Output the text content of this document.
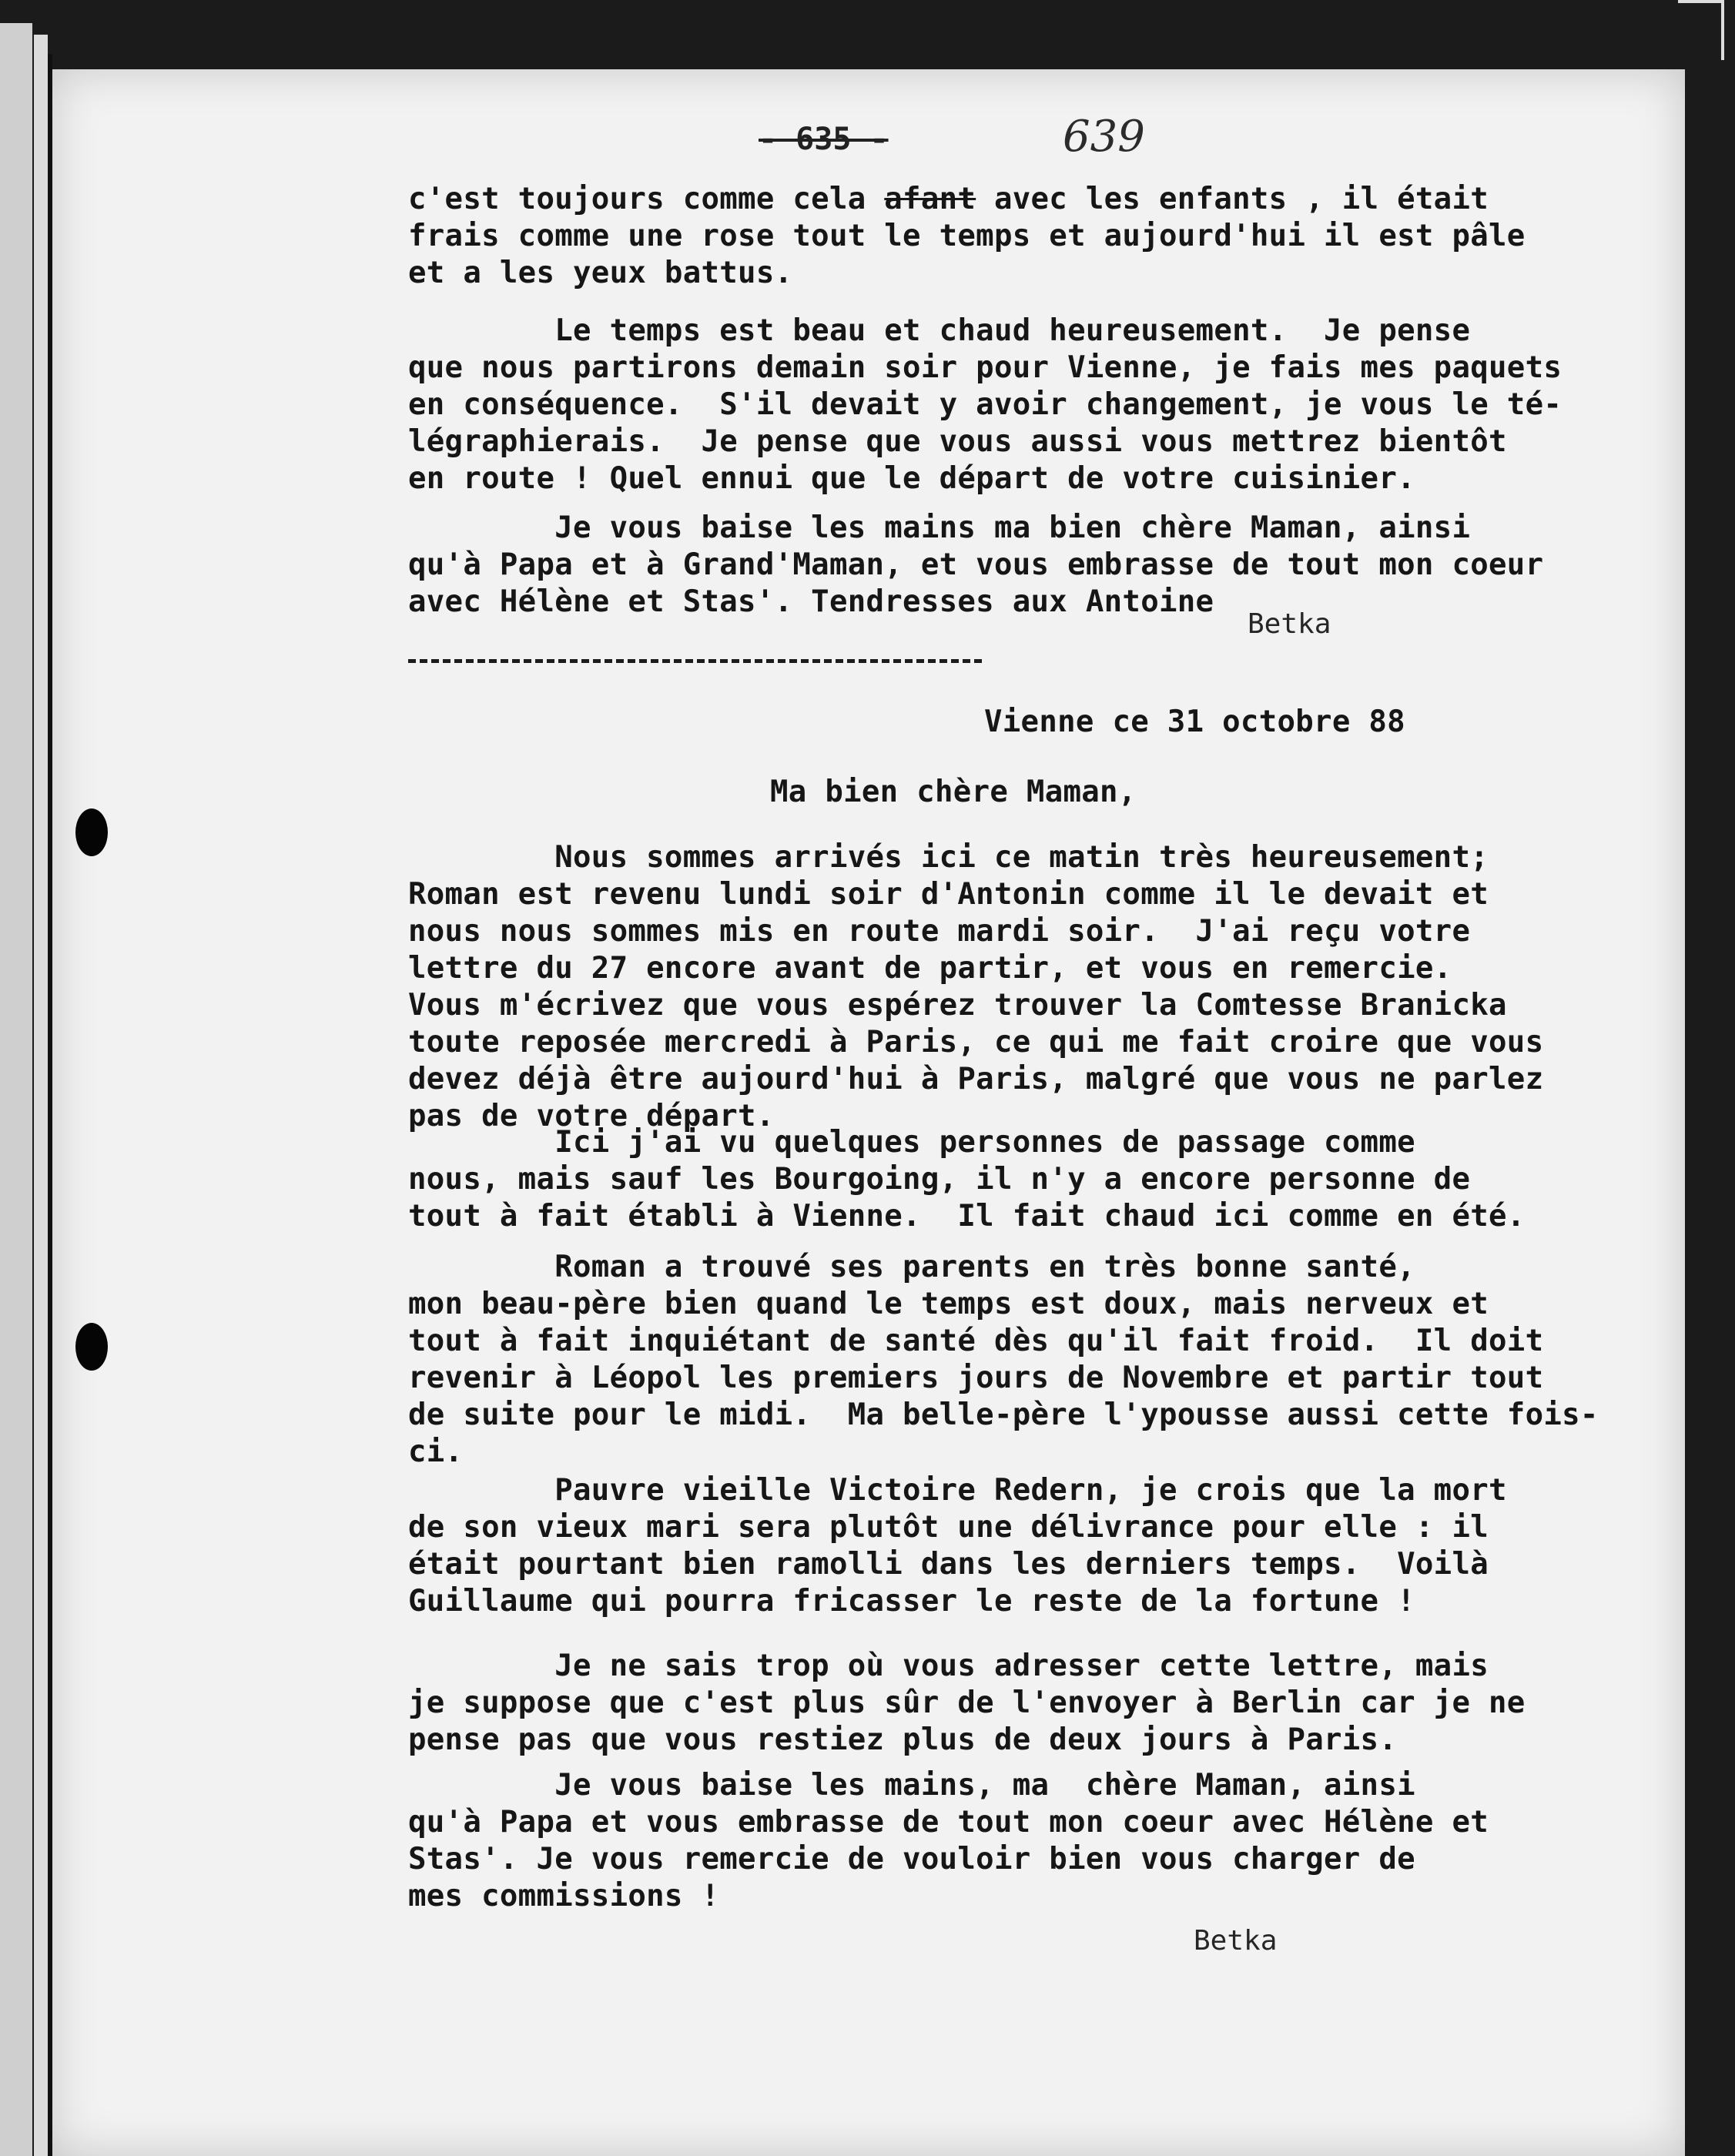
- 635 -	639
c'est toujours comme cela afant avec les enfants , il était
frais comme une rose tout le temps et aujourd'hui il est pâle
et a les yeux battus.
Le temps est beau et chaud heureusement.  Je pense
que nous partirons demain soir pour Vienne, je fais mes paquets
en conséquence.  S'il devait y avoir changement, je vous le té-
légraphierais.  Je pense que vous aussi vous mettrez bientôt
en route ! Quel ennui que le départ de votre cuisinier.
Je vous baise les mains ma bien chère Maman, ainsi
qu'à Papa et à Grand'Maman, et vous embrasse de tout mon coeur
avec Hélène et Stas'. Tendresses aux Antoine
Betka
Vienne ce 31 octobre 88
Ma bien chère Maman,
Nous sommes arrivés ici ce matin très heureusement;
Roman est revenu lundi soir d'Antonin comme il le devait et
nous nous sommes mis en route mardi soir.  J'ai reçu votre
lettre du 27 encore avant de partir, et vous en remercie.
Vous m'écrivez que vous espérez trouver la Comtesse Branicka
toute reposée mercredi à Paris, ce qui me fait croire que vous
devez déjà être aujourd'hui à Paris, malgré que vous ne parlez
pas de votre départ.
Ici j'ai vu quelques personnes de passage comme
nous, mais sauf les Bourgoing, il n'y a encore personne de
tout à fait établi à Vienne.  Il fait chaud ici comme en été.
Roman a trouvé ses parents en très bonne santé,
mon beau-père bien quand le temps est doux, mais nerveux et
tout à fait inquiétant de santé dès qu'il fait froid.  Il doit
revenir à Léopol les premiers jours de Novembre et partir tout
de suite pour le midi.  Ma belle-père l'ypousse aussi cette fois-
ci.
Pauvre vieille Victoire Redern, je crois que la mort
de son vieux mari sera plutôt une délivrance pour elle : il
était pourtant bien ramolli dans les derniers temps.  Voilà
Guillaume qui pourra fricasser le reste de la fortune !
Je ne sais trop où vous adresser cette lettre, mais
je suppose que c'est plus sûr de l'envoyer à Berlin car je ne
pense pas que vous restiez plus de deux jours à Paris.
Je vous baise les mains, ma  chère Maman, ainsi
qu'à Papa et vous embrasse de tout mon coeur avec Hélène et
Stas'. Je vous remercie de vouloir bien vous charger de
mes commissions !
Betka
